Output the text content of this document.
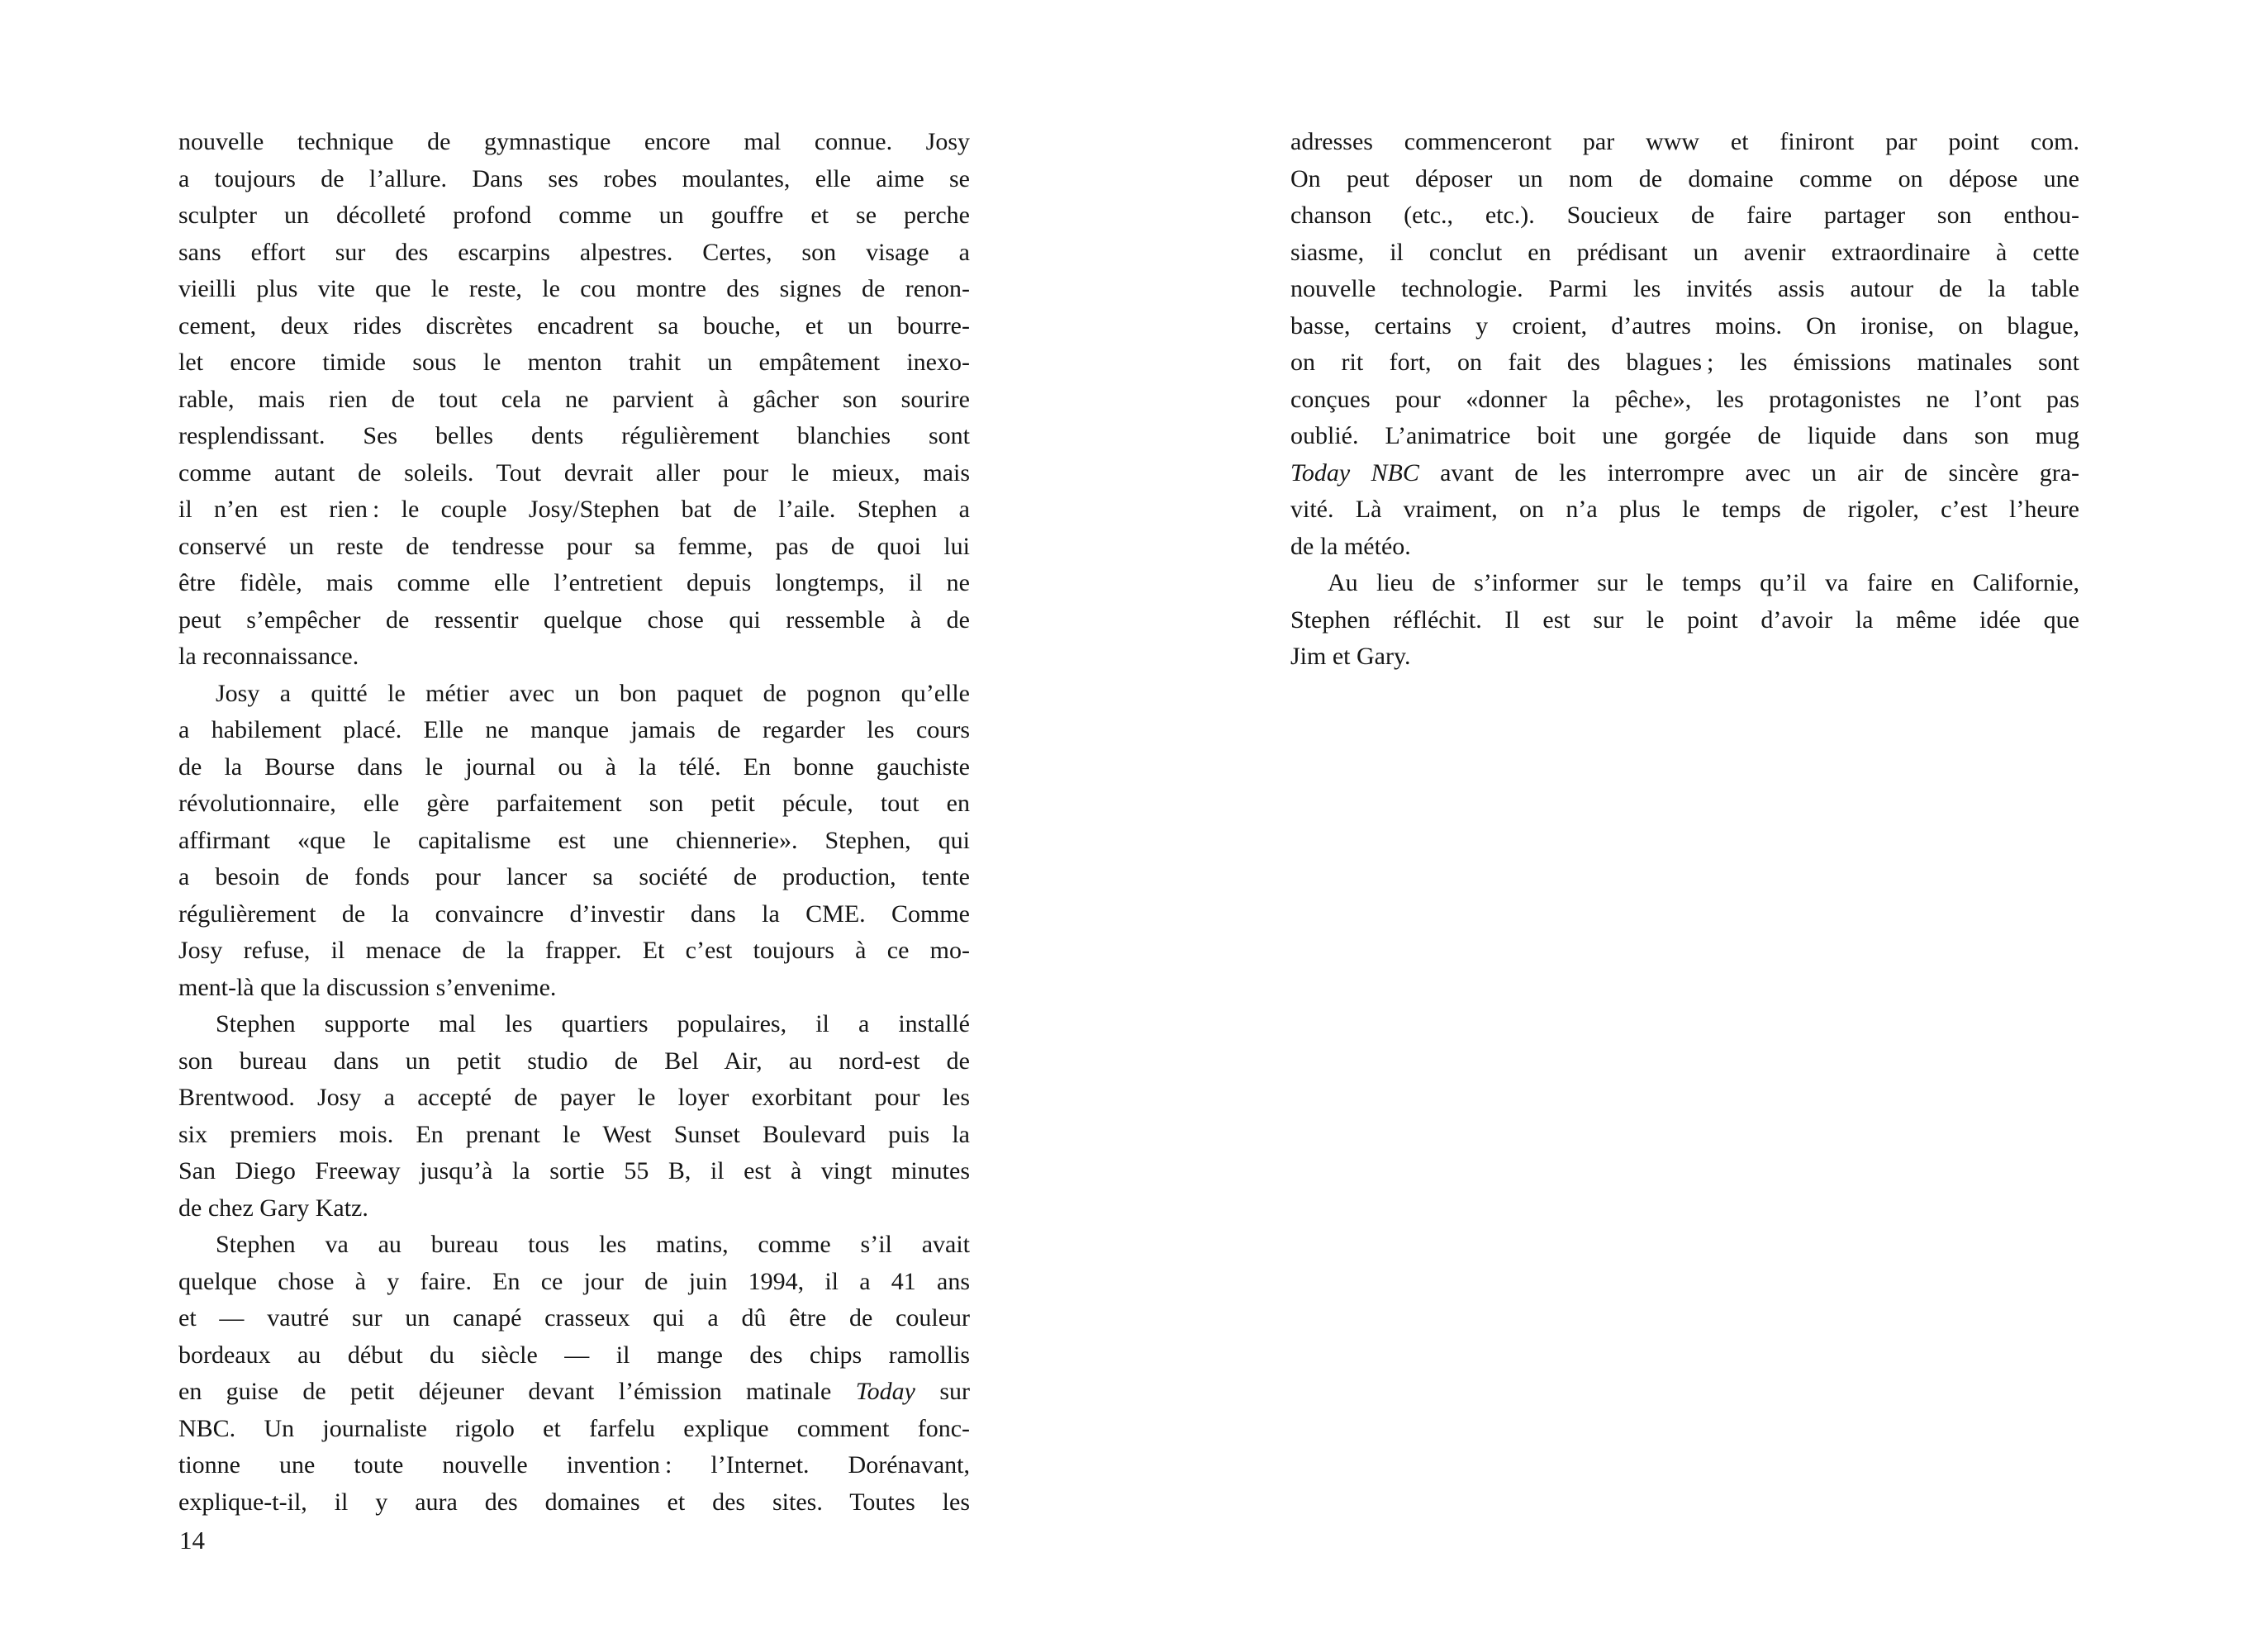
nouvelle technique de gymnastique encore mal connue. Josy
a toujours de l’allure. Dans ses robes moulantes, elle aime se
sculpter un décolleté profond comme un gouffre et se perche
sans effort sur des escarpins alpestres. Certes, son visage a
vieilli plus vite que le reste, le cou montre des signes de renon-
cement, deux rides discrètes encadrent sa bouche, et un bourre-
let encore timide sous le menton trahit un empâtement inexo-
rable, mais rien de tout cela ne parvient à gâcher son sourire
resplendissant. Ses belles dents régulièrement blanchies sont
comme autant de soleils. Tout devrait aller pour le mieux, mais
il n’en est rien : le couple Josy/Stephen bat de l’aile. Stephen a
conservé un reste de tendresse pour sa femme, pas de quoi lui
être fidèle, mais comme elle l’entretient depuis longtemps, il ne
peut s’empêcher de ressentir quelque chose qui ressemble à de
la reconnaissance.
Josy a quitté le métier avec un bon paquet de pognon qu’elle
a habilement placé. Elle ne manque jamais de regarder les cours
de la Bourse dans le journal ou à la télé. En bonne gauchiste
révolutionnaire, elle gère parfaitement son petit pécule, tout en
affirmant «que le capitalisme est une chiennerie». Stephen, qui
a besoin de fonds pour lancer sa société de production, tente
régulièrement de la convaincre d’investir dans la CME. Comme
Josy refuse, il menace de la frapper. Et c’est toujours à ce mo-
ment-là que la discussion s’envenime.
Stephen supporte mal les quartiers populaires, il a installé
son bureau dans un petit studio de Bel Air, au nord-est de
Brentwood. Josy a accepté de payer le loyer exorbitant pour les
six premiers mois. En prenant le West Sunset Boulevard puis la
San Diego Freeway jusqu’à la sortie 55 B, il est à vingt minutes
de chez Gary Katz.
Stephen va au bureau tous les matins, comme s’il avait
quelque chose à y faire. En ce jour de juin 1994, il a 41 ans
et — vautré sur un canapé crasseux qui a dû être de couleur
bordeaux au début du siècle — il mange des chips ramollis
en guise de petit déjeuner devant l’émission matinale Today sur
NBC. Un journaliste rigolo et farfelu explique comment fonc-
tionne une toute nouvelle invention : l’Internet. Dorénavant,
explique-t-il, il y aura des domaines et des sites. Toutes les
adresses commenceront par www et finiront par point com.
On peut déposer un nom de domaine comme on dépose une
chanson (etc., etc.). Soucieux de faire partager son enthou-
siasme, il conclut en prédisant un avenir extraordinaire à cette
nouvelle technologie. Parmi les invités assis autour de la table
basse, certains y croient, d’autres moins. On ironise, on blague,
on rit fort, on fait des blagues ; les émissions matinales sont
conçues pour «donner la pêche», les protagonistes ne l’ont pas
oublié. L’animatrice boit une gorgée de liquide dans son mug
Today NBC avant de les interrompre avec un air de sincère gra-
vité. Là vraiment, on n’a plus le temps de rigoler, c’est l’heure
de la météo.
Au lieu de s’informer sur le temps qu’il va faire en Californie,
Stephen réfléchit. Il est sur le point d’avoir la même idée que
Jim et Gary.
14
